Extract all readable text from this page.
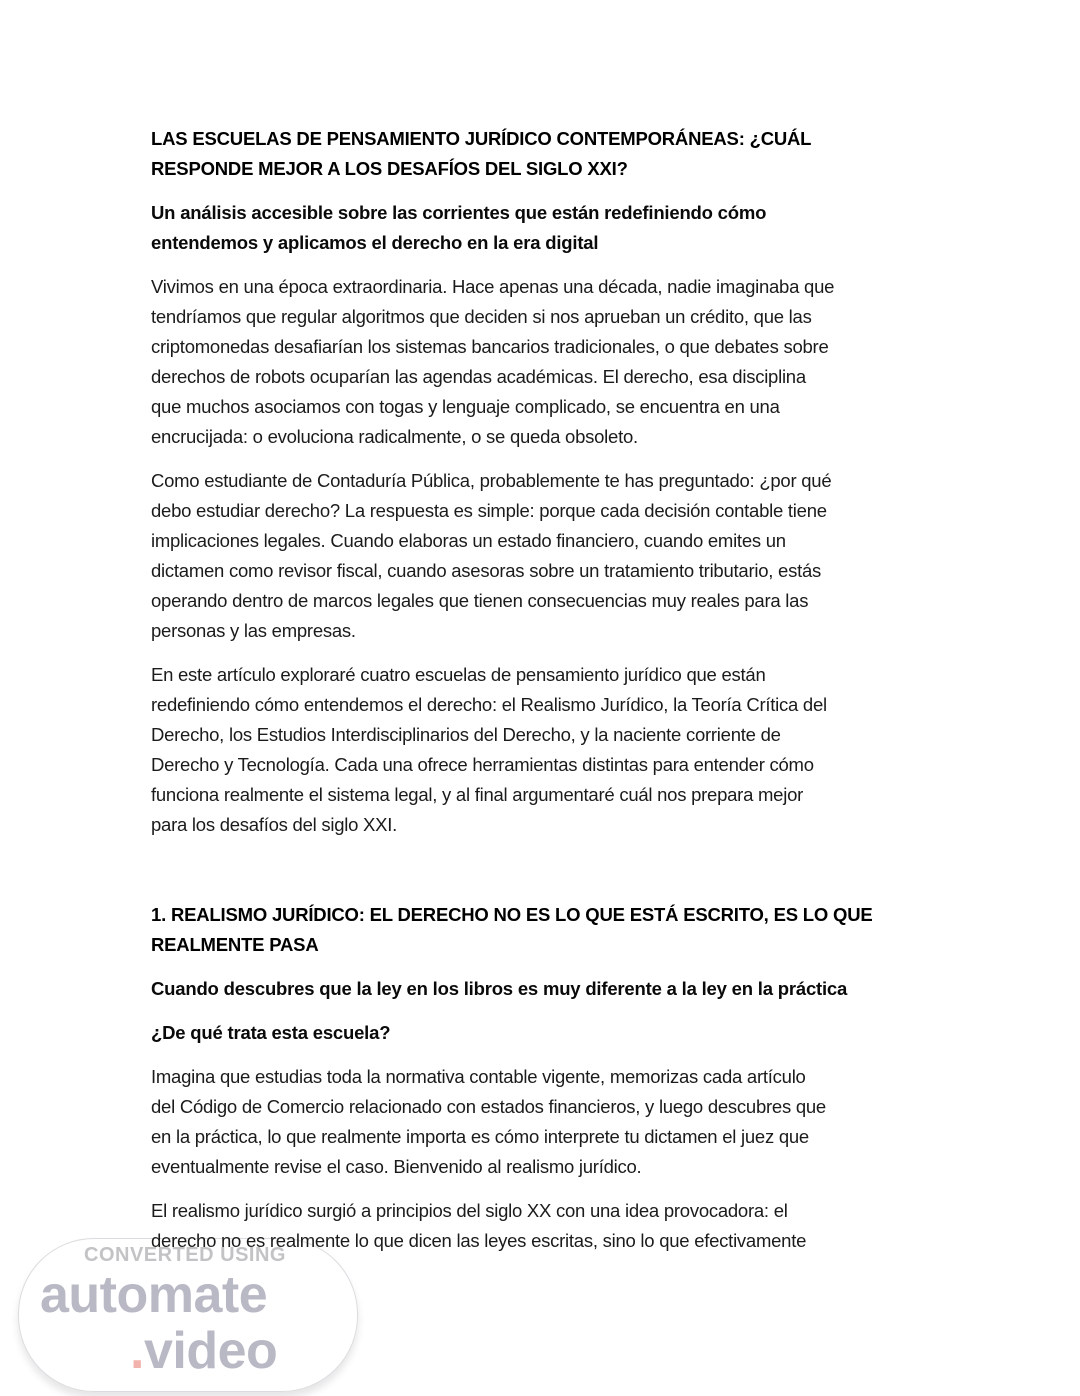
LAS ESCUELAS DE PENSAMIENTO JURÍDICO CONTEMPORÁNEAS: ¿CUÁL
RESPONDE MEJOR A LOS DESAFÍOS DEL SIGLO XXI?
Un análisis accesible sobre las corrientes que están redefiniendo cómo
entendemos y aplicamos el derecho en la era digital

Vivimos en una época extraordinaria. Hace apenas una década, nadie imaginaba que
tendríamos que regular algoritmos que deciden si nos aprueban un crédito, que las
criptomonedas desafiarían los sistemas bancarios tradicionales, o que debates sobre
derechos de robots ocuparían las agendas académicas. El derecho, esa disciplina
que muchos asociamos con togas y lenguaje complicado, se encuentra en una
encrucijada: o evoluciona radicalmente, o se queda obsoleto.

Como estudiante de Contaduría Pública, probablemente te has preguntado: ¿por qué
debo estudiar derecho? La respuesta es simple: porque cada decisión contable tiene
implicaciones legales. Cuando elaboras un estado financiero, cuando emites un
dictamen como revisor fiscal, cuando asesoras sobre un tratamiento tributario, estás
operando dentro de marcos legales que tienen consecuencias muy reales para las
personas y las empresas.

En este artículo exploraré cuatro escuelas de pensamiento jurídico que están
redefiniendo cómo entendemos el derecho: el Realismo Jurídico, la Teoría Crítica del
Derecho, los Estudios Interdisciplinarios del Derecho, y la naciente corriente de
Derecho y Tecnología. Cada una ofrece herramientas distintas para entender cómo
funciona realmente el sistema legal, y al final argumentaré cuál nos prepara mejor
para los desafíos del siglo XXI.

1. REALISMO JURÍDICO: EL DERECHO NO ES LO QUE ESTÁ ESCRITO, ES LO QUE
REALMENTE PASA
Cuando descubres que la ley en los libros es muy diferente a la ley en la práctica
¿De qué trata esta escuela?

Imagina que estudias toda la normativa contable vigente, memorizas cada artículo
del Código de Comercio relacionado con estados financieros, y luego descubres que
en la práctica, lo que realmente importa es cómo interprete tu dictamen el juez que
eventualmente revise el caso. Bienvenido al realismo jurídico.

El realismo jurídico surgió a principios del siglo XX con una idea provocadora: el
derecho no es realmente lo que dicen las leyes escritas, sino lo que efectivamente

CONVERTED USING
automate
.video
